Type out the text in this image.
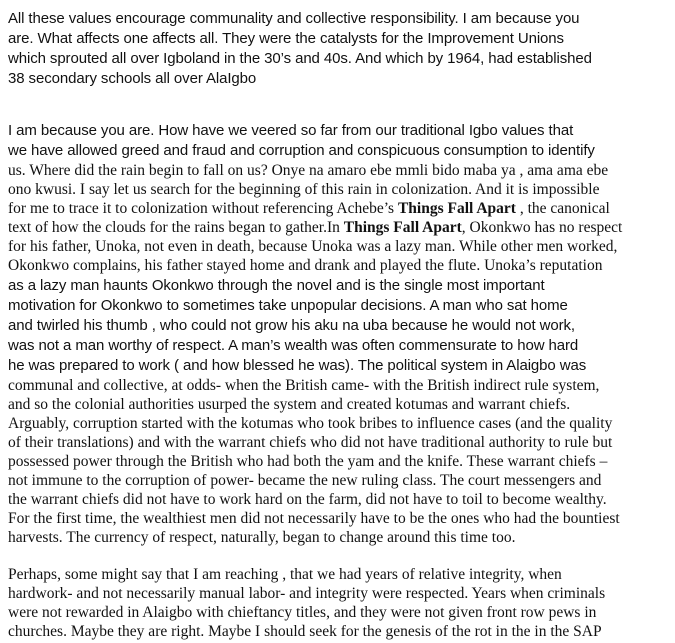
All these values encourage communality and collective responsibility. I am because you
are. What affects one affects all. They were the catalysts for the Improvement Unions
which sprouted all over Igboland in the 30’s and 40s. And which by 1964, had established
38 secondary schools all over AlaIgbo
I am because you are. How have we veered so far from our traditional Igbo values that
we have allowed greed and fraud and corruption and conspicuous consumption to identify
us. Where did the rain begin to fall on us? Onye na amaro ebe mmli bido maba ya , ama ama ebe
ono kwusi. I say let us search for the beginning of this rain in colonization. And it is impossible
for me to trace it to colonization without referencing Achebe’s Things Fall Apart , the canonical
text of how the clouds for the rains began to gather.In Things Fall Apart, Okonkwo has no respect
for his father, Unoka, not even in death, because Unoka was a lazy man. While other men worked,
Okonkwo complains, his father stayed home and drank and played the flute. Unoka’s reputation
as a lazy man haunts Okonkwo through the novel and is the single most important
motivation for Okonkwo to sometimes take unpopular decisions. A man who sat home
and twirled his thumb , who could not grow his aku na uba because he would not work,
was not a man worthy of respect. A man’s wealth was often commensurate to how hard
he was prepared to work ( and how blessed he was). The political system in Alaigbo was
communal and collective, at odds- when the British came- with the British indirect rule system,
and so the colonial authorities usurped the system and created kotumas and warrant chiefs.
Arguably, corruption started with the kotumas who took bribes to influence cases (and the quality
of their translations) and with the warrant chiefs who did not have traditional authority to rule but
possessed power through the British who had both the yam and the knife. These warrant chiefs –
not immune to the corruption of power- became the new ruling class. The court messengers and
the warrant chiefs did not have to work hard on the farm, did not have to toil to become wealthy.
For the first time, the wealthiest men did not necessarily have to be the ones who had the bountiest
harvests. The currency of respect, naturally, began to change around this time too.
Perhaps, some might say that I am reaching , that we had years of relative integrity, when
hardwork- and not necessarily manual labor- and integrity were respected. Years when criminals
were not rewarded in Alaigbo with chieftancy titles, and they were not given front row pews in
churches. Maybe they are right. Maybe I should seek for the genesis of the rot in the in the SAP
